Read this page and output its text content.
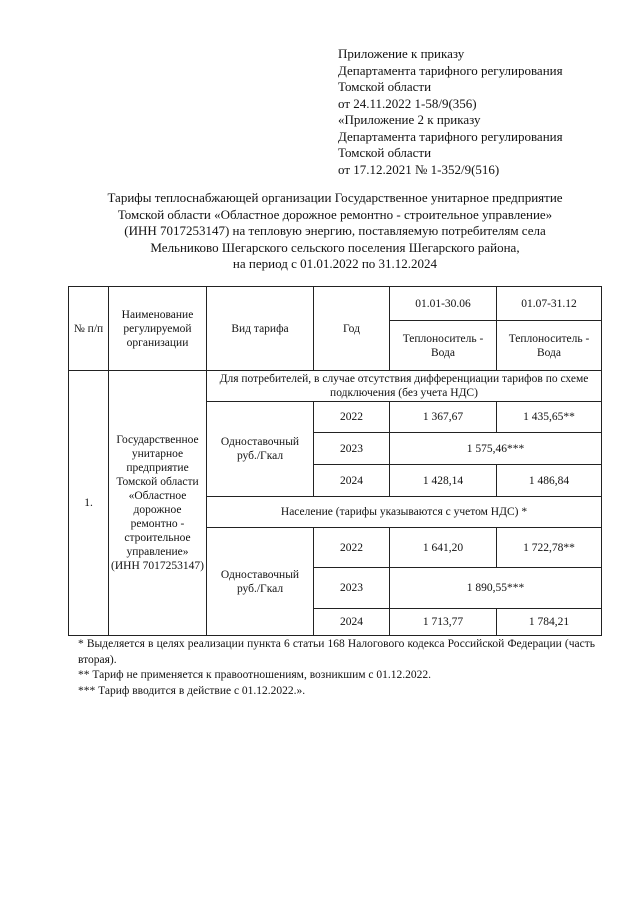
Приложение к приказу
Департамента тарифного регулирования
Томской области
от 24.11.2022 1-58/9(356)
«Приложение 2 к приказу
Департамента тарифного регулирования
Томской области
от 17.12.2021 № 1-352/9(516)
Тарифы теплоснабжающей организации Государственное унитарное предприятие
Томской области «Областное дорожное ремонтно - строительное управление»
(ИНН 7017253147) на тепловую энергию, поставляемую потребителям села
Мельниково Шегарского сельского поселения Шегарского района,
на период с 01.01.2022 по 31.12.2024
№ п/п	Наименование регулируемой организации	Вид тарифа	Год	01.01-30.06	01.07-31.12
				Теплоноситель - Вода	Теплоноситель - Вода
1.	Государственное унитарное предприятие Томской области «Областное дорожное ремонтно - строительное управление» (ИНН 7017253147)	Для потребителей, в случае отсутствия дифференциации тарифов по схеме подключения (без учета НДС)			
		Одноставочный руб./Гкал	2022	1 367,67	1 435,65**
			2023	1 575,46***	
			2024	1 428,14	1 486,84
		Население (тарифы указываются с учетом НДС) *			
		Одноставочный руб./Гкал	2022	1 641,20	1 722,78**
			2023	1 890,55***	
			2024	1 713,77	1 784,21

* Выделяется в целях реализации пункта 6 статьи 168 Налогового кодекса Российской Федерации (часть вторая).

** Тариф не применяется к правоотношениям, возникшим с 01.12.2022.

*** Тариф вводится в действие с 01.12.2022.».
